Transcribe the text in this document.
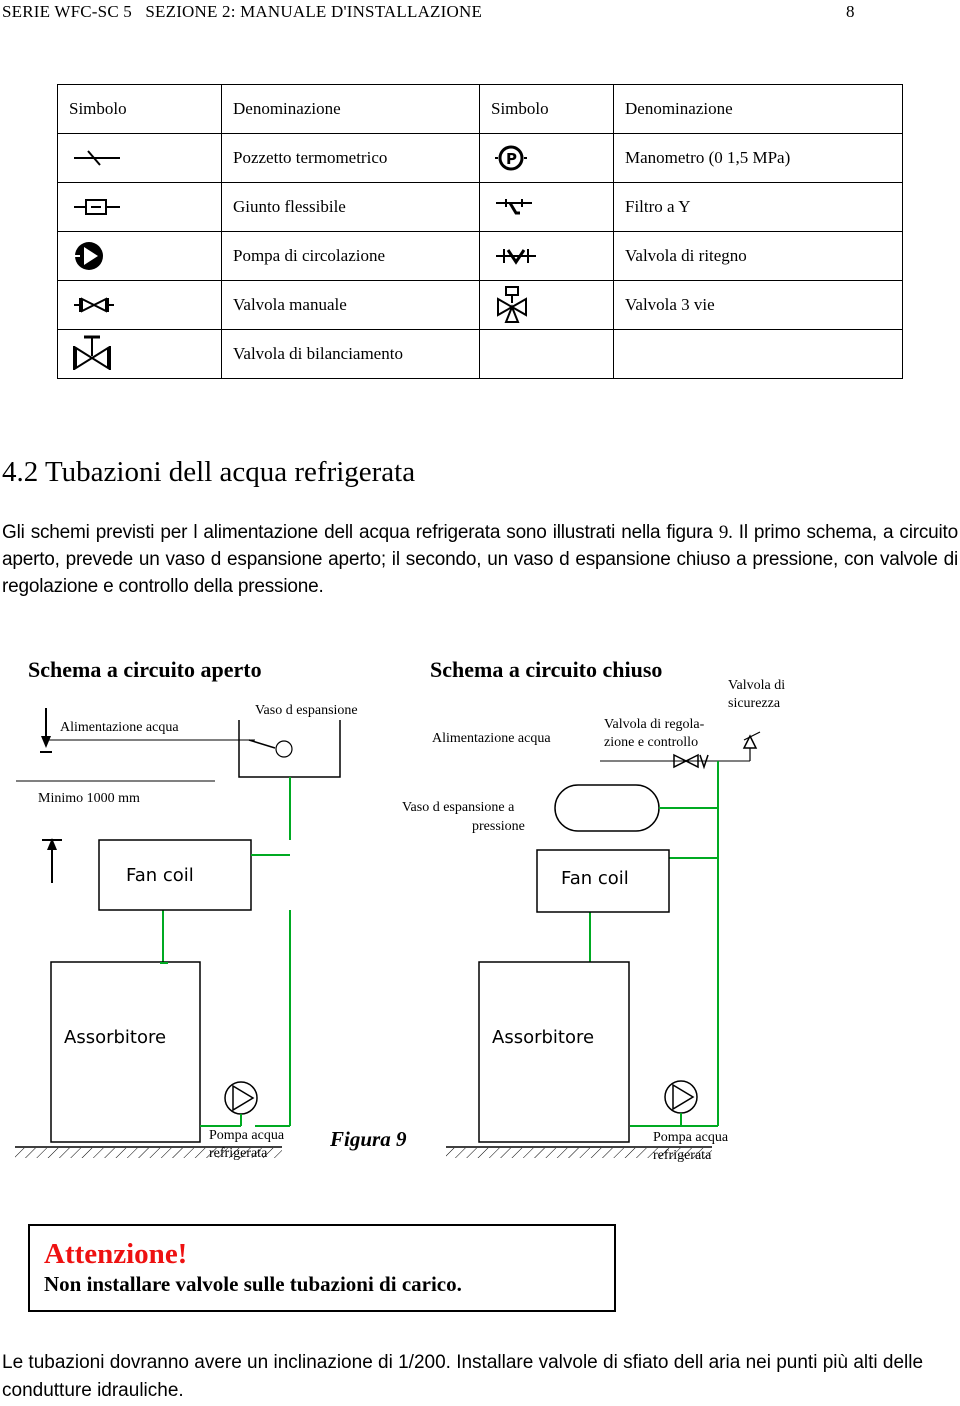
SERIE WFC-SC 5 SEZIONE 2: MANUALE D'INSTALLAZIONE	8
Simbolo	Denominazione	Simbolo	Denominazione

	Pozzetto termometrico	P	Manometro (0 1,5 MPa)

	Giunto flessibile		Filtro a Y

	Pompa di circolazione		Valvola di ritegno

	Valvola manuale		Valvola 3 vie

	Valvola di bilanciamento		
4.2 Tubazioni dell acqua refrigerata
Gli schemi previsti per l alimentazione dell acqua refrigerata sono illustrati nella figura 9. Il primo schema, a circuito aperto, prevede un vaso d espansione aperto; il secondo, un vaso d espansione chiuso a pressione, con valvole di regolazione e controllo della pressione.
Schema a circuito aperto
Alimentazione acqua
Vaso d espansione
Minimo 1000 mm
Fan coil
Assorbitore
Pompa acqua Figura 9
Schema a circuito chiuso
Alimentazione acqua
Valvola di regola-
zione e controllo
Valvola di
sicurezza
Vaso d espansione a
pressione
Fan coil
Assorbitore
Pompa acqua
Attenzione!
Non installare valvole sulle tubazioni di carico.
Le tubazioni dovranno avere un inclinazione di 1/200. Installare valvole di sfiato dell aria nei punti più alti delle condutture idrauliche.
